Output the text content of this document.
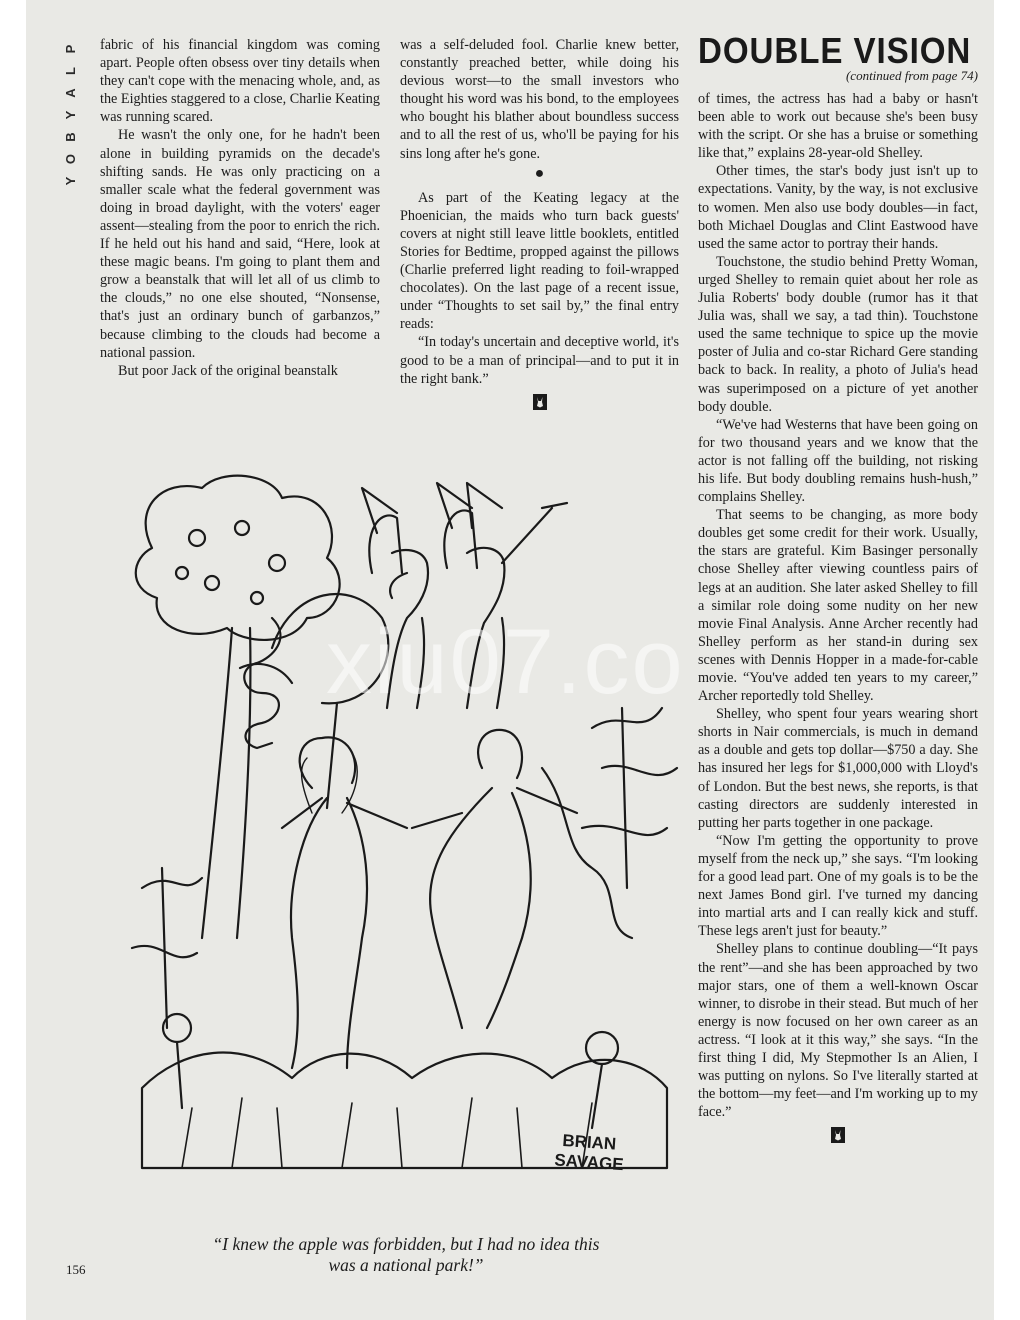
P
L
A
Y
B
O
Y

fabric of his financial kingdom was coming apart. People often obsess over tiny details when they can't cope with the menacing whole, and, as the Eighties staggered to a close, Charlie Keating was running scared.

He wasn't the only one, for he hadn't been alone in building pyramids on the decade's shifting sands. He was only practicing on a smaller scale what the federal government was doing in broad daylight, with the voters' eager assent—stealing from the poor to enrich the rich. If he held out his hand and said, “Here, look at these magic beans. I'm going to plant them and grow a beanstalk that will let all of us climb to the clouds,” no one else shouted, “Nonsense, that's just an ordinary bunch of garbanzos,” because climbing to the clouds had become a national passion.

But poor Jack of the original beanstalk

was a self-deluded fool. Charlie knew better, constantly preached better, while doing his devious worst—to the small investors who thought his word was his bond, to the employees who bought his blather about boundless success and to all the rest of us, who'll be paying for his sins long after he's gone.

●

As part of the Keating legacy at the Phoenician, the maids who turn back guests' covers at night still leave little booklets, entitled Stories for Bedtime, propped against the pillows (Charlie preferred light reading to foil-wrapped chocolates). On the last page of a recent issue, under “Thoughts to set sail by,” the final entry reads:

“In today's uncertain and deceptive world, it's good to be a man of principal—and to put it in the right bank.”

DOUBLE VISION
(continued from page 74)

of times, the actress has had a baby or hasn't been able to work out because she's been busy with the script. Or she has a bruise or something like that,” explains 28-year-old Shelley.

Other times, the star's body just isn't up to expectations. Vanity, by the way, is not exclusive to women. Men also use body doubles—in fact, both Michael Douglas and Clint Eastwood have used the same actor to portray their hands.

Touchstone, the studio behind Pretty Woman, urged Shelley to remain quiet about her role as Julia Roberts' body double (rumor has it that Julia was, shall we say, a tad thin). Touchstone used the same technique to spice up the movie poster of Julia and co-star Richard Gere standing back to back. In reality, a photo of Julia's head was superimposed on a picture of yet another body double.

“We've had Westerns that have been going on for two thousand years and we know that the actor is not falling off the building, not risking his life. But body doubling remains hush-hush,” complains Shelley.

That seems to be changing, as more body doubles get some credit for their work. Usually, the stars are grateful. Kim Basinger personally chose Shelley after viewing countless pairs of legs at an audition. She later asked Shelley to fill a similar role doing some nudity on her new movie Final Analysis. Anne Archer recently had Shelley perform as her stand-in during sex scenes with Dennis Hopper in a made-for-cable movie. “You've added ten years to my career,” Archer reportedly told Shelley.

Shelley, who spent four years wearing short shorts in Nair commercials, is much in demand as a double and gets top dollar—$750 a day. She has insured her legs for $1,000,000 with Lloyd's of London. But the best news, she reports, is that casting directors are suddenly interested in putting her parts together in one package.

“Now I'm getting the opportunity to prove myself from the neck up,” she says. “I'm looking for a good lead part. One of my goals is to be the next James Bond girl. I've turned my dancing into martial arts and I can really kick and stuff. These legs aren't just for beauty.”

Shelley plans to continue doubling—“It pays the rent”—and she has been approached by two major stars, one of them a well-known Oscar winner, to disrobe in their stead. But much of her energy is now focused on her own career as an actress. “I look at it this way,” she says. “In the first thing I did, My Stepmother Is an Alien, I was putting on nylons. So I've literally started at the bottom—my feet—and I'm working up to my face.”

BRIAN
SAVAGE
xiu07.co
“I knew the apple was forbidden, but I had no idea this
was a national park!”
156
